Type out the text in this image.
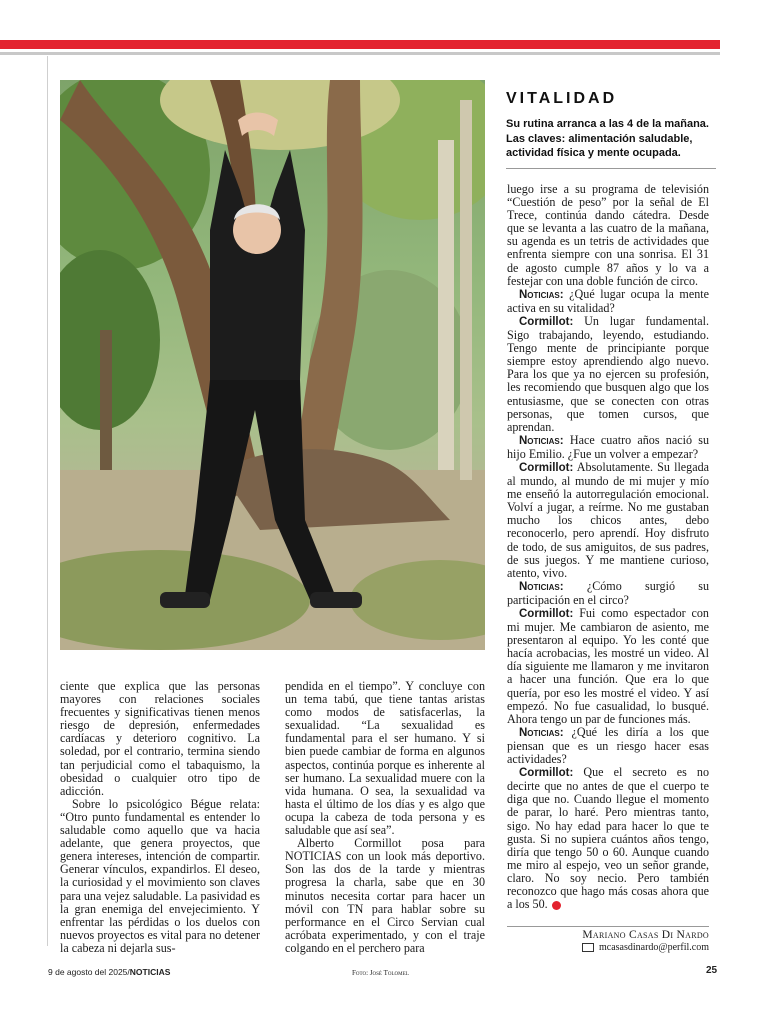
VITALIDAD
Su rutina arranca a las 4 de la mañana. Las claves: alimentación saludable, actividad física y mente ocupada.

ciente que explica que las personas mayores con relaciones sociales frecuentes y significativas tienen menos riesgo de depresión, enfermedades cardíacas y deterioro cognitivo. La soledad, por el contrario, termina siendo tan perjudicial como el tabaquismo, la obesidad o cualquier otro tipo de adicción.

Sobre lo psicológico Bégue relata: “Otro punto fundamental es entender lo saludable como aquello que va hacia adelante, que genera proyectos, que genera intereses, intención de compartir. Generar vínculos, expandirlos. El deseo, la curiosidad y el movimiento son claves para una vejez saludable. La pasividad es la gran enemiga del envejecimiento. Y enfrentar las pérdidas o los duelos con nuevos proyectos es vital para no detener la cabeza ni dejarla sus-

pendida en el tiempo”. Y concluye con un tema tabú, que tiene tantas aristas como modos de satisfacerlas, la sexualidad. “La sexualidad es fundamental para el ser humano. Y si bien puede cambiar de forma en algunos aspectos, continúa porque es inherente al ser humano. La sexualidad muere con la vida humana. O sea, la sexualidad va hasta el último de los días y es algo que ocupa la cabeza de toda persona y es saludable que así sea”.

Alberto Cormillot posa para NOTICIAS con un look más deportivo. Son las dos de la tarde y mientras progresa la charla, sabe que en 30 minutos necesita cortar para hacer un móvil con TN para hablar sobre su performance en el Circo Servian cual acróbata experimentado, y con el traje colgando en el perchero para

luego irse a su programa de televisión “Cuestión de peso” por la señal de El Trece, continúa dando cátedra. Desde que se levanta a las cuatro de la mañana, su agenda es un tetris de actividades que enfrenta siempre con una sonrisa. El 31 de agosto cumple 87 años y lo va a festejar con una doble función de circo.

Noticias: ¿Qué lugar ocupa la mente activa en su vitalidad?

Cormillot: Un lugar fundamental. Sigo trabajando, leyendo, estudiando. Tengo mente de principiante porque siempre estoy aprendiendo algo nuevo. Para los que ya no ejercen su profesión, les recomiendo que busquen algo que los entusiasme, que se conecten con otras personas, que tomen cursos, que aprendan.

Noticias: Hace cuatro años nació su hijo Emilio. ¿Fue un volver a empezar?

Cormillot: Absolutamente. Su llegada al mundo, al mundo de mi mujer y mío me enseñó la autorregulación emocional. Volví a jugar, a reírme. No me gustaban mucho los chicos antes, debo reconocerlo, pero aprendí. Hoy disfruto de todo, de sus amiguitos, de sus padres, de sus juegos. Y me mantiene curioso, atento, vivo.

Noticias: ¿Cómo surgió su participación en el circo?

Cormillot: Fui como espectador con mi mujer. Me cambiaron de asiento, me presentaron al equipo. Yo les conté que hacía acrobacias, les mostré un video. Al día siguiente me llamaron y me invitaron a hacer una función. Que era lo que quería, por eso les mostré el video. Y así empezó. No fue casualidad, lo busqué. Ahora tengo un par de funciones más.

Noticias: ¿Qué les diría a los que piensan que es un riesgo hacer esas actividades?

Cormillot: Que el secreto es no decirte que no antes de que el cuerpo te diga que no. Cuando llegue el momento de parar, lo haré. Pero mientras tanto, sigo. No hay edad para hacer lo que te gusta. Si no supiera cuántos años tengo, diría que tengo 50 o 60. Aunque cuando me miro al espejo, veo un señor grande, claro. No soy necio. Pero también reconozco que hago más cosas ahora que a los 50.

Mariano Casas Di Nardo
mcasasdinardo@perfil.com
9 de agosto del 2025/NOTICIAS	Foto: José Tolomei.	25
